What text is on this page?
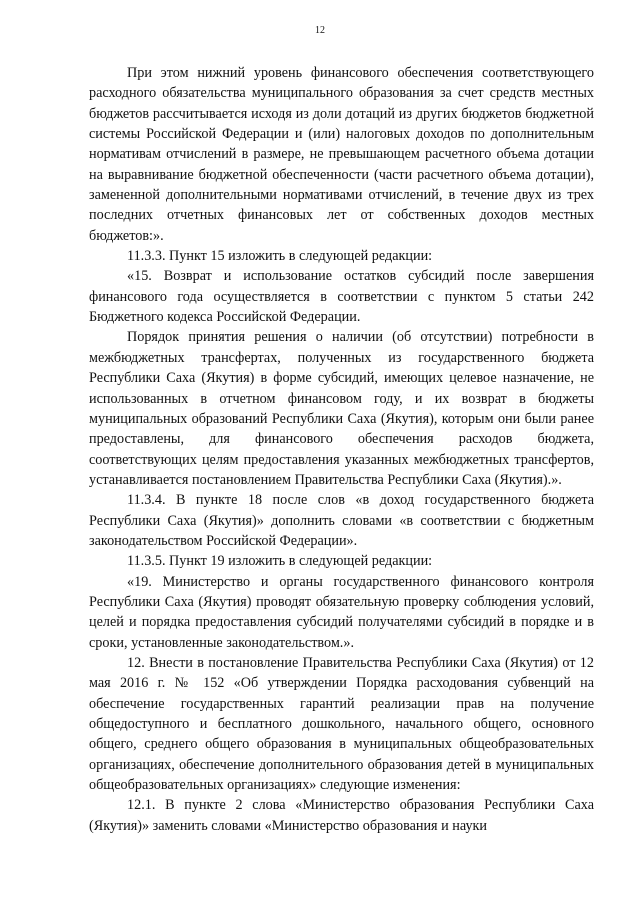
12

При этом нижний уровень финансового обеспечения соответствующего расходного обязательства муниципального образования за счет средств местных бюджетов рассчитывается исходя из доли дотаций из других бюджетов бюджетной системы Российской Федерации и (или) налоговых доходов по дополнительным нормативам отчислений в размере, не превышающем расчетного объема дотации на выравнивание бюджетной обеспеченности (части расчетного объема дотации), замененной дополнительными нормативами отчислений, в течение двух из трех последних отчетных финансовых лет от собственных доходов местных бюджетов:».

11.3.3. Пункт 15 изложить в следующей редакции:

«15. Возврат и использование остатков субсидий после завершения финансового года осуществляется в соответствии с пунктом 5 статьи 242 Бюджетного кодекса Российской Федерации.

Порядок принятия решения о наличии (об отсутствии) потребности в межбюджетных трансфертах, полученных из государственного бюджета Республики Саха (Якутия) в форме субсидий, имеющих целевое назначение, не использованных в отчетном финансовом году, и их возврат в бюджеты муниципальных образований Республики Саха (Якутия), которым они были ранее предоставлены, для финансового обеспечения расходов бюджета, соответствующих целям предоставления указанных межбюджетных трансфертов, устанавливается постановлением Правительства Республики Саха (Якутия).».

11.3.4. В пункте 18 после слов «в доход государственного бюджета Республики Саха (Якутия)» дополнить словами «в соответствии с бюджетным законодательством Российской Федерации».

11.3.5. Пункт 19 изложить в следующей редакции:

«19. Министерство и органы государственного финансового контроля Республики Саха (Якутия) проводят обязательную проверку соблюдения условий, целей и порядка предоставления субсидий получателями субсидий в порядке и в сроки, установленные законодательством.».

12. Внести в постановление Правительства Республики Саха (Якутия) от 12 мая 2016 г. № 152 «Об утверждении Порядка расходования субвенций на обеспечение государственных гарантий реализации прав на получение общедоступного и бесплатного дошкольного, начального общего, основного общего, среднего общего образования в муниципальных общеобразовательных организациях, обеспечение дополнительного образования детей в муниципальных общеобразовательных организациях» следующие изменения:

12.1. В пункте 2 слова «Министерство образования Республики Саха (Якутия)» заменить словами «Министерство образования и науки
